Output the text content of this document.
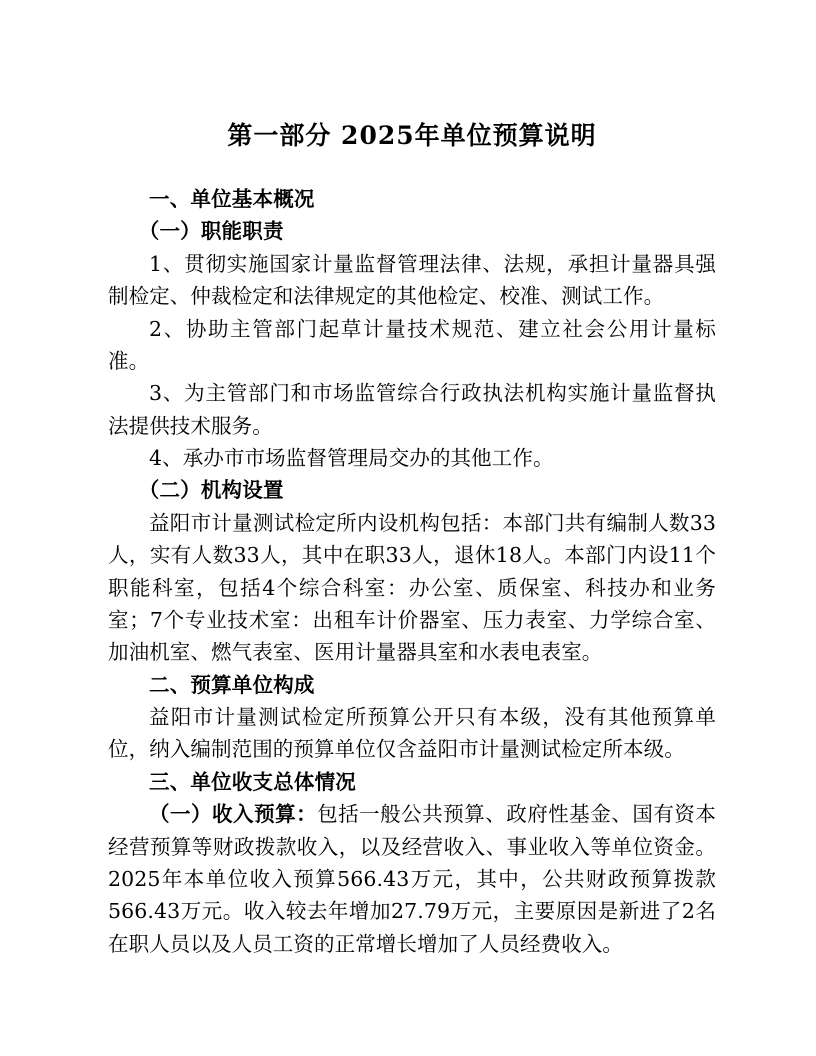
第一部分 2025年单位预算说明
一、单位基本概况
（一）职能职责

1、贯彻实施国家计量监督管理法律、法规，承担计量器具强制检定、仲裁检定和法律规定的其他检定、校准、测试工作。

2、协助主管部门起草计量技术规范、建立社会公用计量标准。

3、为主管部门和市场监管综合行政执法机构实施计量监督执法提供技术服务。

4、承办市市场监督管理局交办的其他工作。

（二）机构设置

益阳市计量测试检定所内设机构包括：本部门共有编制人数33人，实有人数33人，其中在职33人，退休18人。本部门内设11个职能科室，包括4个综合科室：办公室、质保室、科技办和业务室；7个专业技术室：出租车计价器室、压力表室、力学综合室、加油机室、燃气表室、医用计量器具室和水表电表室。

二、预算单位构成

益阳市计量测试检定所预算公开只有本级，没有其他预算单位，纳入编制范围的预算单位仅含益阳市计量测试检定所本级。

三、单位收支总体情况

（一）收入预算：包括一般公共预算、政府性基金、国有资本经营预算等财政拨款收入，以及经营收入、事业收入等单位资金。2025年本单位收入预算566.43万元，其中，公共财政预算拨款566.43万元。收入较去年增加27.79万元，主要原因是新进了2名在职人员以及人员工资的正常增长增加了人员经费收入。
